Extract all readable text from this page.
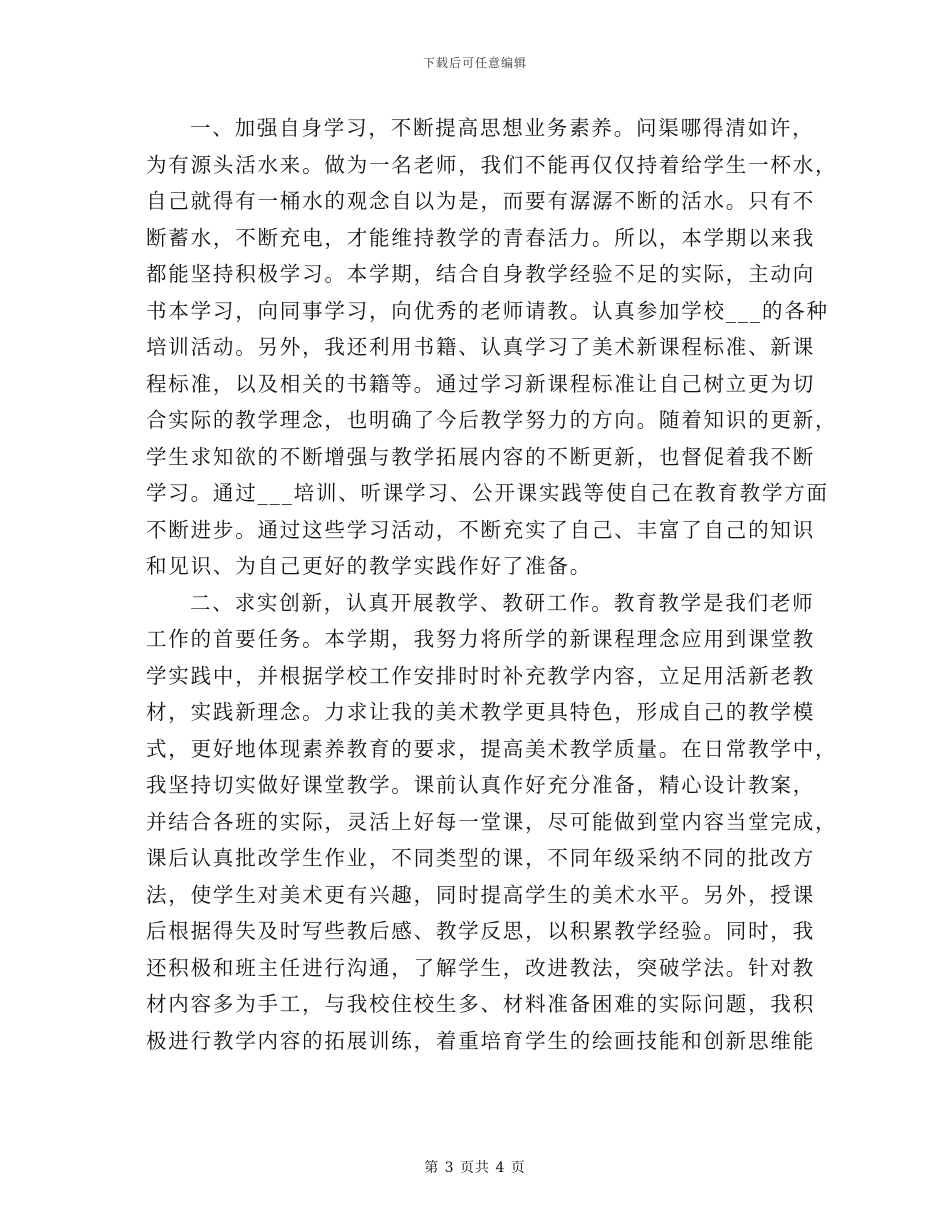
下载后可任意编辑
一、加强自身学习，不断提高思想业务素养。问渠哪得清如许，
为有源头活水来。做为一名老师，我们不能再仅仅持着给学生一杯水，
自己就得有一桶水的观念自以为是，而要有潺潺不断的活水。只有不
断蓄水，不断充电，才能维持教学的青春活力。所以，本学期以来我
都能坚持积极学习。本学期，结合自身教学经验不足的实际，主动向
书本学习，向同事学习，向优秀的老师请教。认真参加学校___的各种
培训活动。另外，我还利用书籍、认真学习了美术新课程标准、新课
程标准，以及相关的书籍等。通过学习新课程标准让自己树立更为切
合实际的教学理念，也明确了今后教学努力的方向。随着知识的更新，
学生求知欲的不断增强与教学拓展内容的不断更新，也督促着我不断
学习。通过___培训、听课学习、公开课实践等使自己在教育教学方面
不断进步。通过这些学习活动，不断充实了自己、丰富了自己的知识
和见识、为自己更好的教学实践作好了准备。
二、求实创新，认真开展教学、教研工作。教育教学是我们老师
工作的首要任务。本学期，我努力将所学的新课程理念应用到课堂教
学实践中，并根据学校工作安排时时补充教学内容，立足用活新老教
材，实践新理念。力求让我的美术教学更具特色，形成自己的教学模
式，更好地体现素养教育的要求，提高美术教学质量。在日常教学中，
我坚持切实做好课堂教学。课前认真作好充分准备，精心设计教案，
并结合各班的实际，灵活上好每一堂课，尽可能做到堂内容当堂完成，
课后认真批改学生作业，不同类型的课，不同年级采纳不同的批改方
法，使学生对美术更有兴趣，同时提高学生的美术水平。另外，授课
后根据得失及时写些教后感、教学反思，以积累教学经验。同时，我
还积极和班主任进行沟通，了解学生，改进教法，突破学法。针对教
材内容多为手工，与我校住校生多、材料准备困难的实际问题，我积
极进行教学内容的拓展训练，着重培育学生的绘画技能和创新思维能
第 3 页共 4 页
